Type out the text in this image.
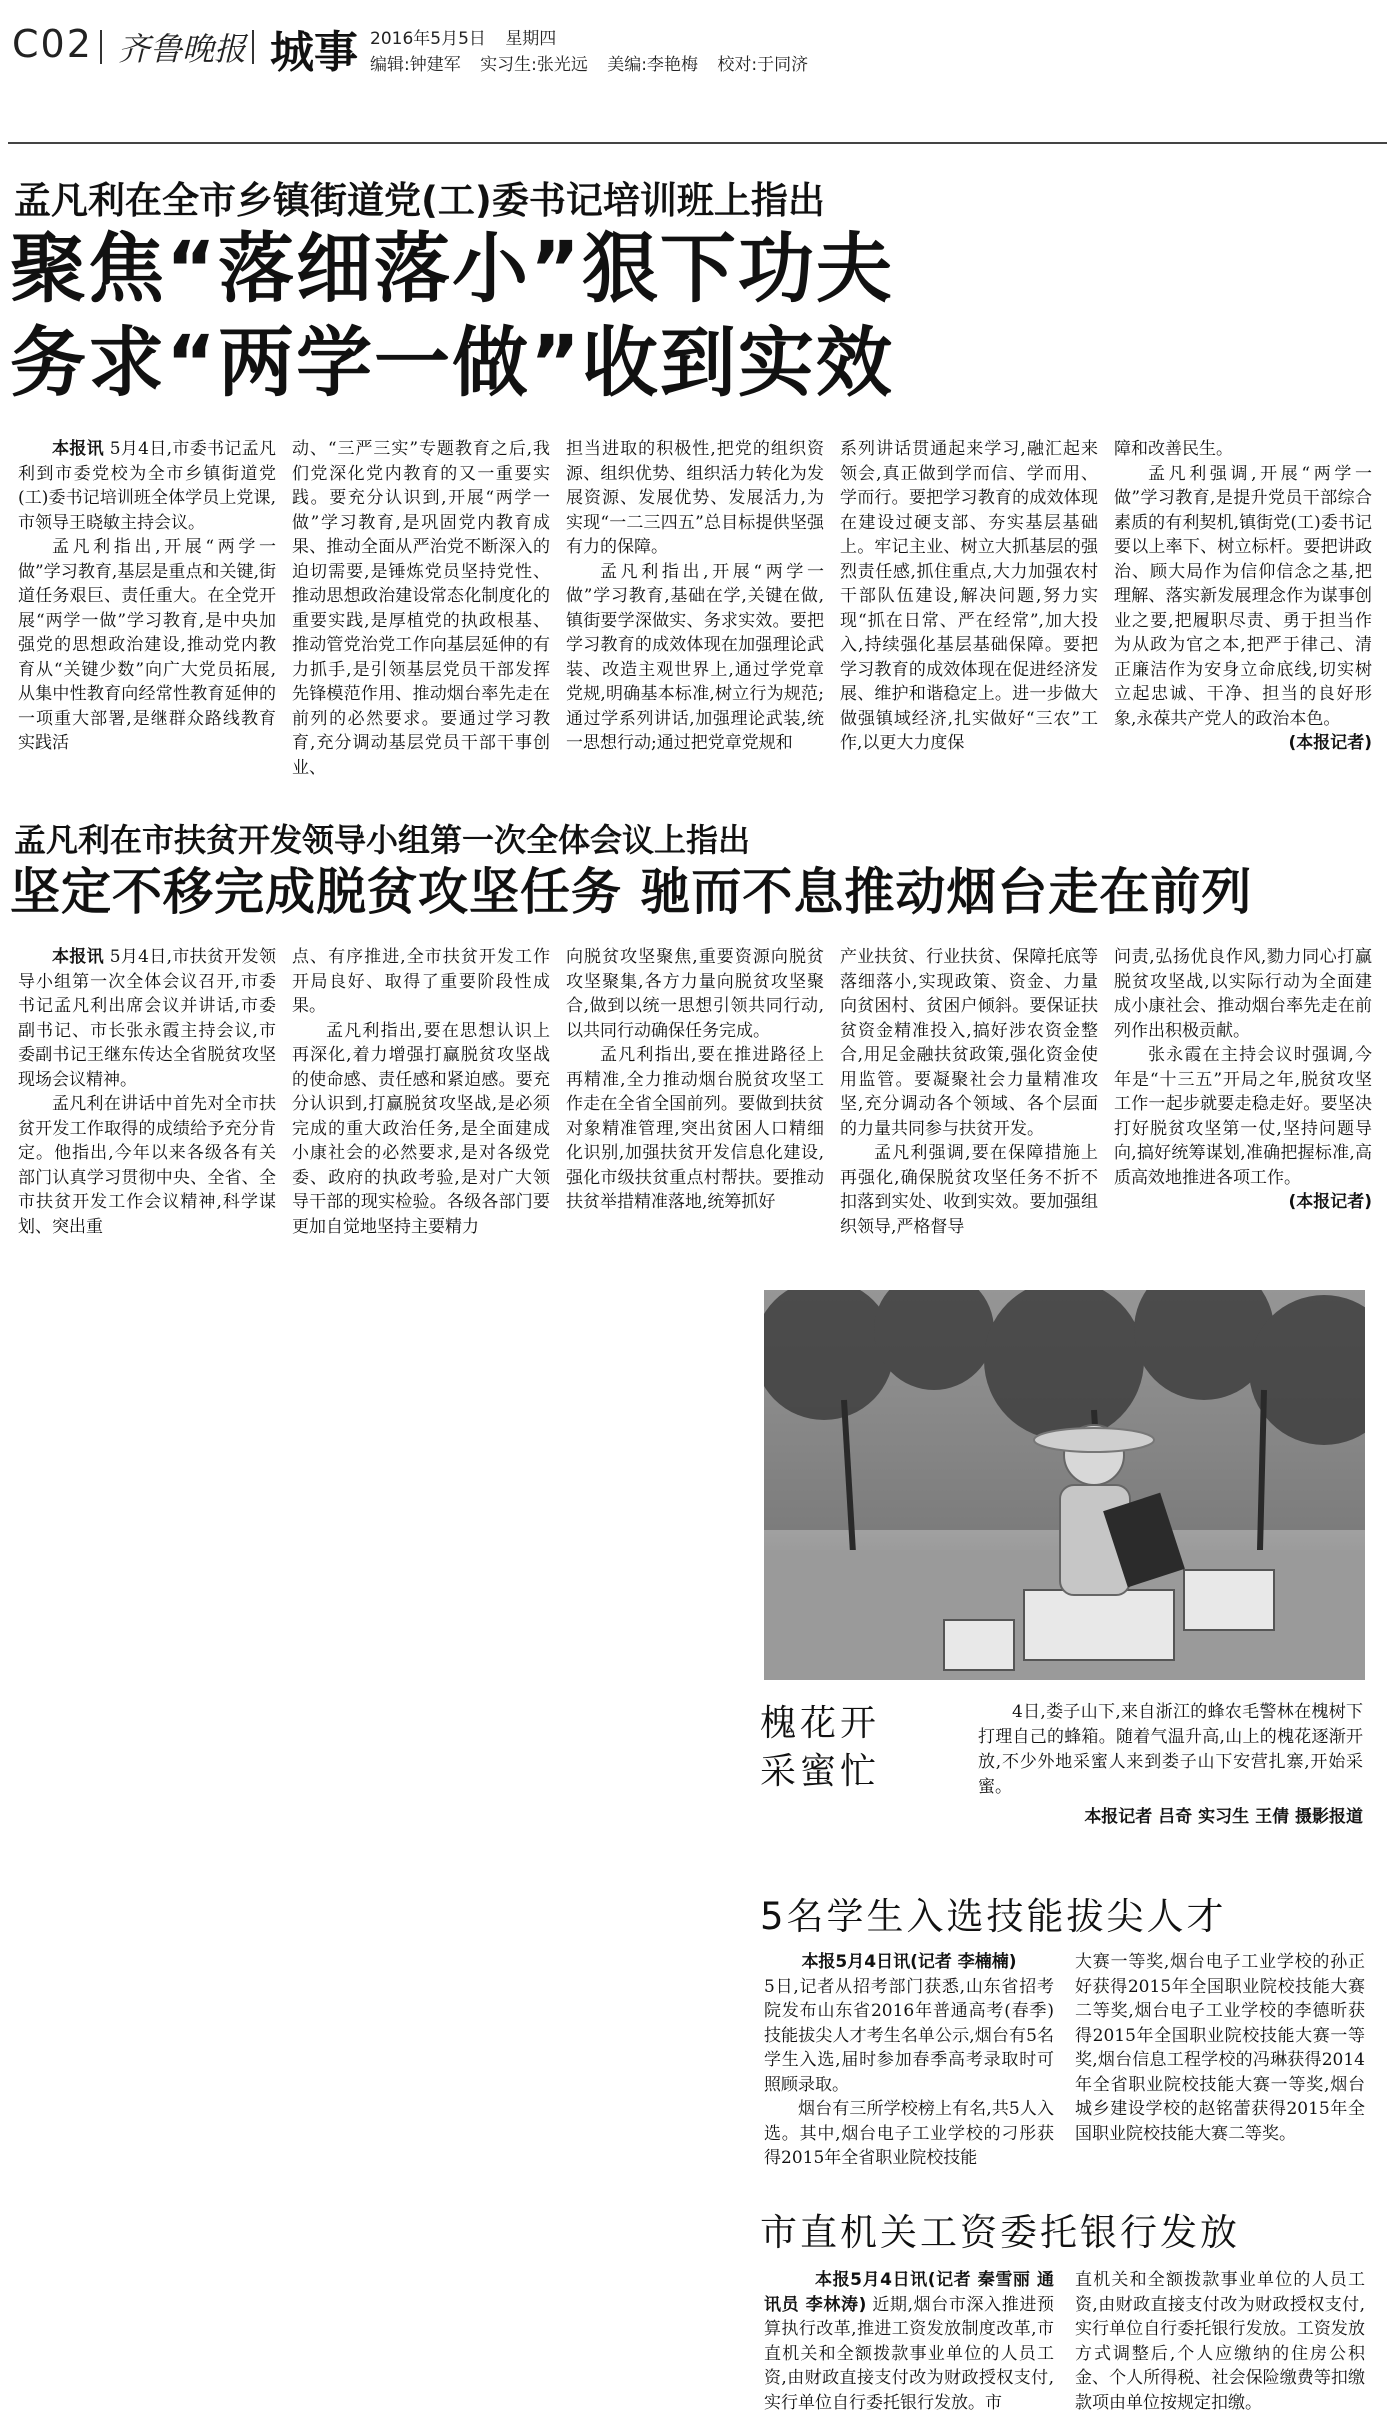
C02 齐鲁晚报 城事 2016年5月5日 星期四
编辑:钟建军 实习生:张光远 美编:李艳梅 校对:于同济
孟凡利在全市乡镇街道党(工)委书记培训班上指出
聚焦“落细落小”狠下功夫
务求“两学一做”收到实效

本报讯 5月4日,市委书记孟凡利到市委党校为全市乡镇街道党(工)委书记培训班全体学员上党课,市领导王晓敏主持会议。

孟凡利指出,开展“两学一做”学习教育,基层是重点和关键,街道任务艰巨、责任重大。在全党开展“两学一做”学习教育,是中央加强党的思想政治建设,推动党内教育从“关键少数”向广大党员拓展,从集中性教育向经常性教育延伸的一项重大部署,是继群众路线教育实践活

动、“三严三实”专题教育之后,我们党深化党内教育的又一重要实践。要充分认识到,开展“两学一做”学习教育,是巩固党内教育成果、推动全面从严治党不断深入的迫切需要,是锤炼党员坚持党性、推动思想政治建设常态化制度化的重要实践,是厚植党的执政根基、推动管党治党工作向基层延伸的有力抓手,是引领基层党员干部发挥先锋模范作用、推动烟台率先走在前列的必然要求。要通过学习教育,充分调动基层党员干部干事创业、

担当进取的积极性,把党的组织资源、组织优势、组织活力转化为发展资源、发展优势、发展活力,为实现“一二三四五”总目标提供坚强有力的保障。

孟凡利指出,开展“两学一做”学习教育,基础在学,关键在做,镇街要学深做实、务求实效。要把学习教育的成效体现在加强理论武装、改造主观世界上,通过学党章党规,明确基本标准,树立行为规范;通过学系列讲话,加强理论武装,统一思想行动;通过把党章党规和

系列讲话贯通起来学习,融汇起来领会,真正做到学而信、学而用、学而行。要把学习教育的成效体现在建设过硬支部、夯实基层基础上。牢记主业、树立大抓基层的强烈责任感,抓住重点,大力加强农村干部队伍建设,解决问题,努力实现“抓在日常、严在经常”,加大投入,持续强化基层基础保障。要把学习教育的成效体现在促进经济发展、维护和谐稳定上。进一步做大做强镇域经济,扎实做好“三农”工作,以更大力度保

障和改善民生。

孟凡利强调,开展“两学一做”学习教育,是提升党员干部综合素质的有利契机,镇街党(工)委书记要以上率下、树立标杆。要把讲政治、顾大局作为信仰信念之基,把理解、落实新发展理念作为谋事创业之要,把履职尽责、勇于担当作为从政为官之本,把严于律己、清正廉洁作为安身立命底线,切实树立起忠诚、干净、担当的良好形象,永葆共产党人的政治本色。

(本报记者)
孟凡利在市扶贫开发领导小组第一次全体会议上指出
坚定不移完成脱贫攻坚任务 驰而不息推动烟台走在前列

本报讯 5月4日,市扶贫开发领导小组第一次全体会议召开,市委书记孟凡利出席会议并讲话,市委副书记、市长张永霞主持会议,市委副书记王继东传达全省脱贫攻坚现场会议精神。

孟凡利在讲话中首先对全市扶贫开发工作取得的成绩给予充分肯定。他指出,今年以来各级各有关部门认真学习贯彻中央、全省、全市扶贫开发工作会议精神,科学谋划、突出重

点、有序推进,全市扶贫开发工作开局良好、取得了重要阶段性成果。

孟凡利指出,要在思想认识上再深化,着力增强打赢脱贫攻坚战的使命感、责任感和紧迫感。要充分认识到,打赢脱贫攻坚战,是必须完成的重大政治任务,是全面建成小康社会的必然要求,是对各级党委、政府的执政考验,是对广大领导干部的现实检验。各级各部门要更加自觉地坚持主要精力

向脱贫攻坚聚焦,重要资源向脱贫攻坚聚集,各方力量向脱贫攻坚聚合,做到以统一思想引领共同行动,以共同行动确保任务完成。

孟凡利指出,要在推进路径上再精准,全力推动烟台脱贫攻坚工作走在全省全国前列。要做到扶贫对象精准管理,突出贫困人口精细化识别,加强扶贫开发信息化建设,强化市级扶贫重点村帮扶。要推动扶贫举措精准落地,统筹抓好

产业扶贫、行业扶贫、保障托底等落细落小,实现政策、资金、力量向贫困村、贫困户倾斜。要保证扶贫资金精准投入,搞好涉农资金整合,用足金融扶贫政策,强化资金使用监管。要凝聚社会力量精准攻坚,充分调动各个领域、各个层面的力量共同参与扶贫开发。

孟凡利强调,要在保障措施上再强化,确保脱贫攻坚任务不折不扣落到实处、收到实效。要加强组织领导,严格督导

问责,弘扬优良作风,勠力同心打赢脱贫攻坚战,以实际行动为全面建成小康社会、推动烟台率先走在前列作出积极贡献。

张永霞在主持会议时强调,今年是“十三五”开局之年,脱贫攻坚工作一起步就要走稳走好。要坚决打好脱贫攻坚第一仗,坚持问题导向,搞好统筹谋划,准确把握标准,高质高效地推进各项工作。

(本报记者)
槐花开
采蜜忙

4日,娄子山下,来自浙江的蜂农毛警林在槐树下打理自己的蜂箱。随着气温升高,山上的槐花逐渐开放,不少外地采蜜人来到娄子山下安营扎寨,开始采蜜。

本报记者 吕奇 实习生 王倩 摄影报道
5名学生入选技能拔尖人才

本报5月4日讯(记者 李楠楠)

5日,记者从招考部门获悉,山东省招考院发布山东省2016年普通高考(春季)技能拔尖人才考生名单公示,烟台有5名学生入选,届时参加春季高考录取时可照顾录取。

烟台有三所学校榜上有名,共5人入选。其中,烟台电子工业学校的刁彤获得2015年全省职业院校技能

大赛一等奖,烟台电子工业学校的孙正好获得2015年全国职业院校技能大赛二等奖,烟台电子工业学校的李德昕获得2015年全国职业院校技能大赛一等奖,烟台信息工程学校的冯琳获得2014年全省职业院校技能大赛一等奖,烟台城乡建设学校的赵铭蕾获得2015年全国职业院校技能大赛二等奖。

市直机关工资委托银行发放

本报5月4日讯(记者 秦雪丽 通讯员 李林涛) 近期,烟台市深入推进预算执行改革,推进工资发放制度改革,市直机关和全额拨款事业单位的人员工资,由财政直接支付改为财政授权支付,实行单位自行委托银行发放。市

直机关和全额拨款事业单位的人员工资,由财政直接支付改为财政授权支付,实行单位自行委托银行发放。工资发放方式调整后,个人应缴纳的住房公积金、个人所得税、社会保险缴费等扣缴款项由单位按规定扣缴。
